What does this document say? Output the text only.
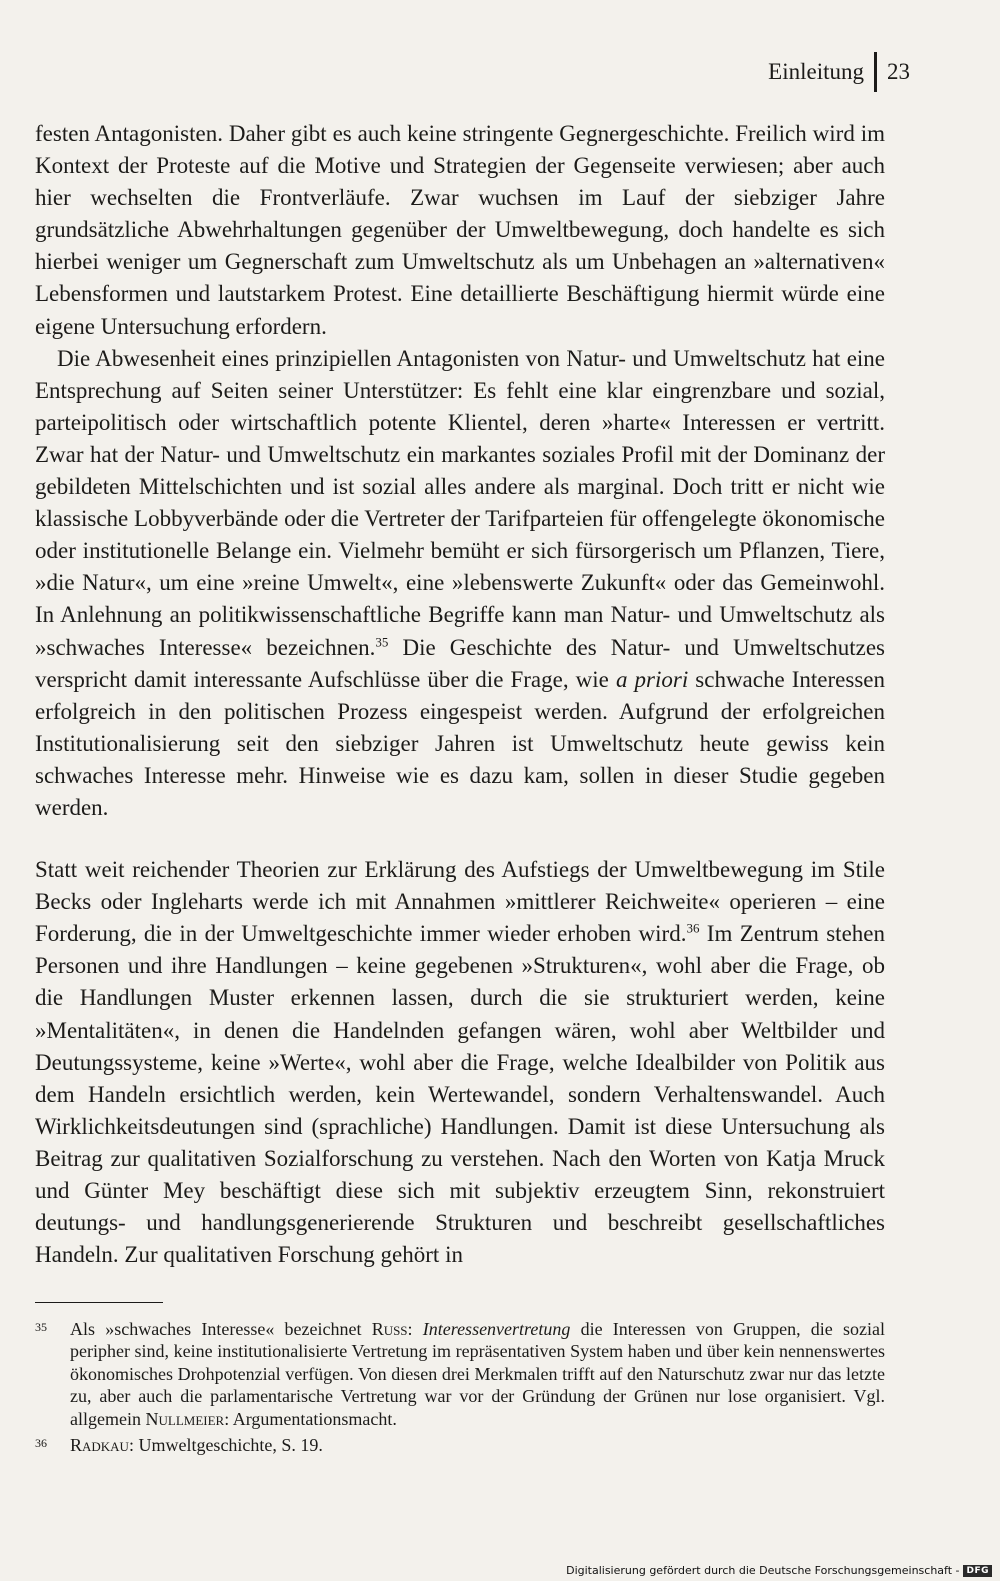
Einleitung 23

festen Antagonisten. Daher gibt es auch keine stringente Gegnergeschichte. Freilich wird im Kontext der Proteste auf die Motive und Strategien der Gegenseite verwiesen; aber auch hier wechselten die Frontverläufe. Zwar wuchsen im Lauf der siebziger Jahre grundsätzliche Abwehrhaltungen gegenüber der Umweltbewegung, doch handelte es sich hierbei weniger um Gegnerschaft zum Umweltschutz als um Unbehagen an »alternativen« Lebensformen und lautstarkem Protest. Eine detaillierte Beschäftigung hiermit würde eine eigene Untersuchung erfordern.

Die Abwesenheit eines prinzipiellen Antagonisten von Natur- und Umweltschutz hat eine Entsprechung auf Seiten seiner Unterstützer: Es fehlt eine klar eingrenzbare und sozial, parteipolitisch oder wirtschaftlich potente Klientel, deren »harte« Interessen er vertritt. Zwar hat der Natur- und Umweltschutz ein markantes soziales Profil mit der Dominanz der gebildeten Mittelschichten und ist sozial alles andere als marginal. Doch tritt er nicht wie klassische Lobbyverbände oder die Vertreter der Tarifparteien für offengelegte ökonomische oder institutionelle Belange ein. Vielmehr bemüht er sich fürsorgerisch um Pflanzen, Tiere, »die Natur«, um eine »reine Umwelt«, eine »lebenswerte Zukunft« oder das Gemeinwohl. In Anlehnung an politikwissenschaftliche Begriffe kann man Natur- und Umweltschutz als »schwaches Interesse« bezeichnen.$^{35}$ Die Geschichte des Natur- und Umweltschutzes verspricht damit interessante Aufschlüsse über die Frage, wie a priori schwache Interessen erfolgreich in den politischen Prozess eingespeist werden. Aufgrund der erfolgreichen Institutionalisierung seit den siebziger Jahren ist Umweltschutz heute gewiss kein schwaches Interesse mehr. Hinweise wie es dazu kam, sollen in dieser Studie gegeben werden.

Statt weit reichender Theorien zur Erklärung des Aufstiegs der Umweltbewegung im Stile Becks oder Ingleharts werde ich mit Annahmen »mittlerer Reichweite« operieren – eine Forderung, die in der Umweltgeschichte immer wieder erhoben wird.$^{36}$ Im Zentrum stehen Personen und ihre Handlungen – keine gegebenen »Strukturen«, wohl aber die Frage, ob die Handlungen Muster erkennen lassen, durch die sie strukturiert werden, keine »Mentalitäten«, in denen die Handelnden gefangen wären, wohl aber Weltbilder und Deutungssysteme, keine »Werte«, wohl aber die Frage, welche Idealbilder von Politik aus dem Handeln ersichtlich werden, kein Wertewandel, sondern Verhaltenswandel. Auch Wirklichkeitsdeutungen sind (sprachliche) Handlungen. Damit ist diese Untersuchung als Beitrag zur qualitativen Sozialforschung zu verstehen. Nach den Worten von Katja Mruck und Günter Mey beschäftigt diese sich mit subjektiv erzeugtem Sinn, rekonstruiert deutungs- und handlungsgenerierende Strukturen und beschreibt gesellschaftliches Handeln. Zur qualitativen Forschung gehört in

35 Als »schwaches Interesse« bezeichnet Russ: Interessenvertretung die Interessen von Gruppen, die sozial peripher sind, keine institutionalisierte Vertretung im repräsentativen System haben und über kein nennenswertes ökonomisches Drohpotenzial verfügen. Von diesen drei Merkmalen trifft auf den Naturschutz zwar nur das letzte zu, aber auch die parlamentarische Vertretung war vor der Gründung der Grünen nur lose organisiert. Vgl. allgemein Nullmeier: Argumentationsmacht.

36 Radkau: Umweltgeschichte, S. 19.

Digitalisierung gefördert durch die Deutsche Forschungsgemeinschaft - DFG
